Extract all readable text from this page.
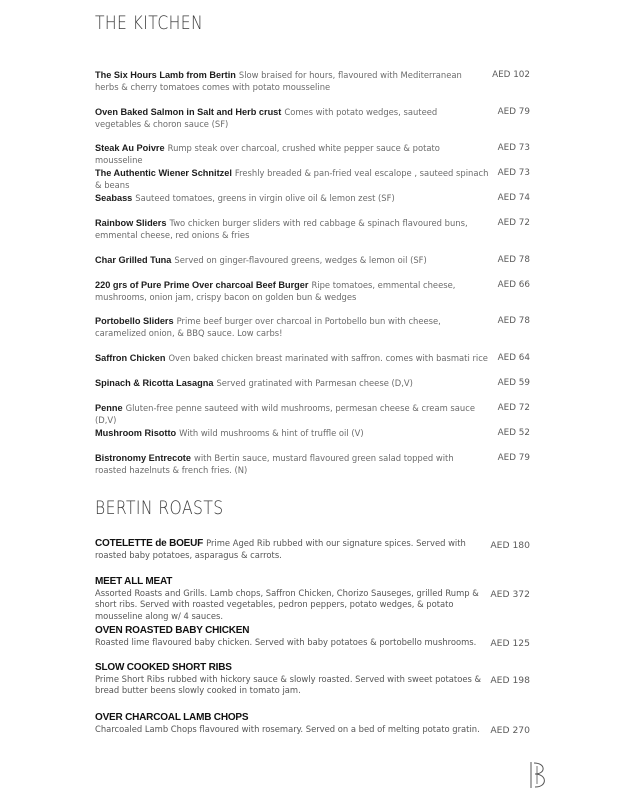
THE KITCHEN
The Six Hours Lamb from Bertin Slow braised for hours, flavoured with Mediterranean herbs & cherry tomatoes comes with potato mousseline
AED 102
Oven Baked Salmon in Salt and Herb crust Comes with potato wedges, sauteed vegetables & choron sauce (SF)
AED 79
Steak Au Poivre Rump steak over charcoal, crushed white pepper sauce & potato mousseline
AED 73
The Authentic Wiener Schnitzel Freshly breaded & pan-fried veal escalope , sauteed spinach & beans
AED 73
Seabass Sauteed tomatoes, greens in virgin olive oil & lemon zest (SF)	AED 74
Rainbow Sliders Two chicken burger sliders with red cabbage & spinach flavoured buns, emmental cheese, red onions & fries
AED 72
Char Grilled Tuna Served on ginger-flavoured greens, wedges & lemon oil (SF)	AED 78
220 grs of Pure Prime Over charcoal Beef Burger Ripe tomatoes, emmental cheese, mushrooms, onion jam, crispy bacon on golden bun & wedges
AED 66
Portobello Sliders Prime beef burger over charcoal in Portobello bun with cheese, caramelized onion, & BBQ sauce. Low carbs!
AED 78
Saffron Chicken Oven baked chicken breast marinated with saffron. comes with basmati rice AED 64
Spinach & Ricotta Lasagna Served gratinated with Parmesan cheese (D,V)	AED 59
Penne Gluten-free penne sauteed with wild mushrooms, permesan cheese & cream sauce (D,V)
AED 72
Mushroom Risotto With wild mushrooms & hint of truffle oil (V)	AED 52
Bistronomy Entrecote with Bertin sauce, mustard flavoured green salad topped with roasted hazelnuts & french fries. (N)
AED 79
BERTIN ROASTS
COTELETTE de BOEUF Prime Aged Rib rubbed with our signature spices. Served with roasted baby potatoes, asparagus & carrots.
AED 180
MEET ALL MEAT
Assorted Roasts and Grills. Lamb chops, Saffron Chicken, Chorizo Sauseges, grilled Rump & short ribs. Served with roasted vegetables, pedron peppers, potato wedges, & potato mousseline along w/ 4 sauces.
AED 372
OVEN ROASTED BABY CHICKEN
Roasted lime flavoured baby chicken. Served with baby potatoes & portobello mushrooms.	AED 125
SLOW COOKED SHORT RIBS
Prime Short Ribs rubbed with hickory sauce & slowly roasted. Served with sweet potatoes & bread butter beens slowly cooked in tomato jam.
AED 198
OVER CHARCOAL LAMB CHOPS
Charcoaled Lamb Chops flavoured with rosemary. Served on a bed of melting potato gratin.	AED 270
